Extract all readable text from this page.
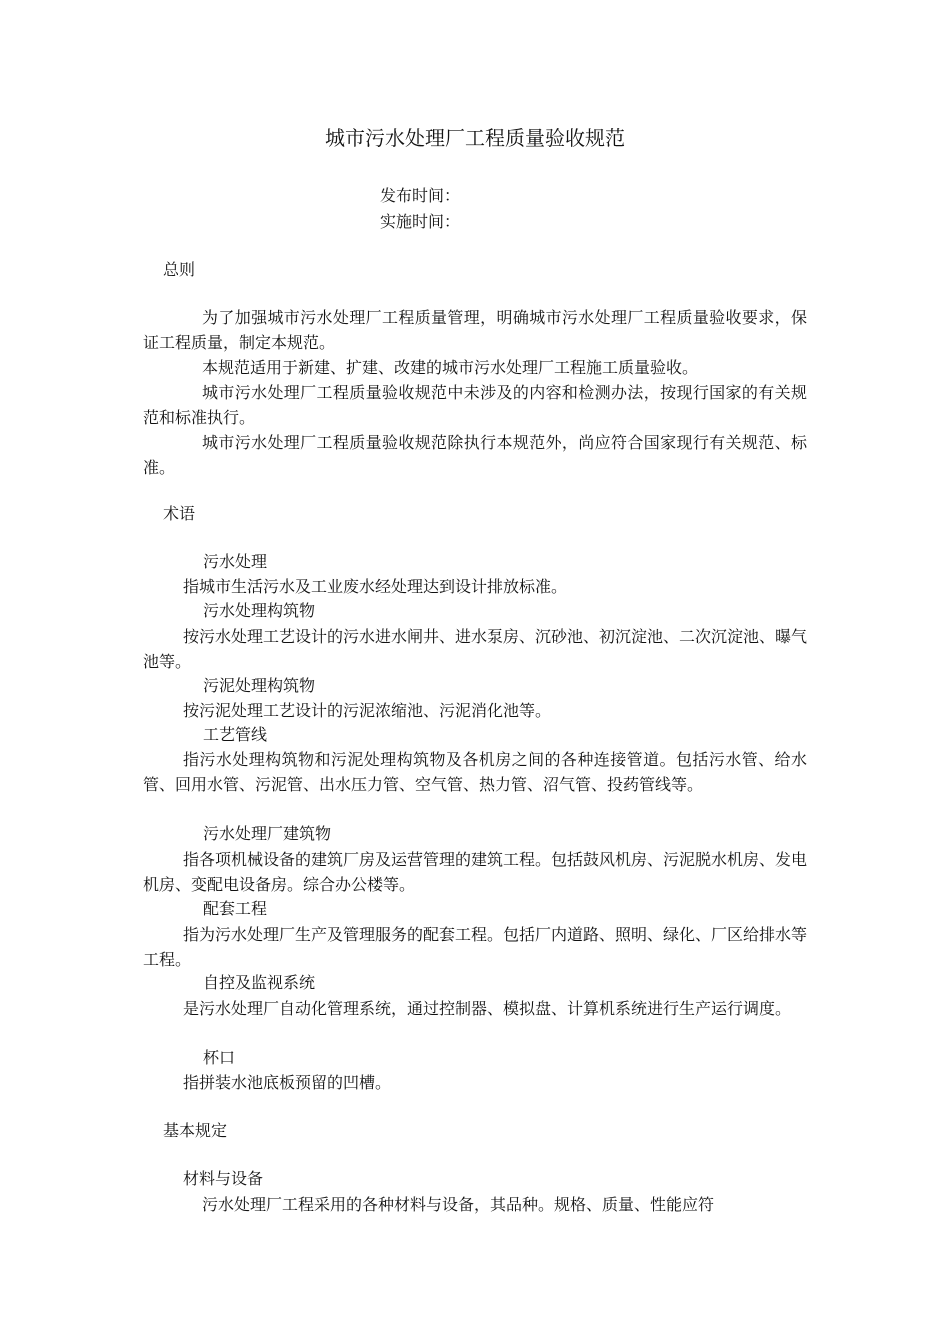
城市污水处理厂工程质量验收规范
发布时间：
实施时间：
总则

为了加强城市污水处理厂工程质量管理，明确城市污水处理厂工程质量验收要求，保证工程质量，制定本规范。

本规范适用于新建、扩建、改建的城市污水处理厂工程施工质量验收。

城市污水处理厂工程质量验收规范中未涉及的内容和检测办法，按现行国家的有关规范和标准执行。

城市污水处理厂工程质量验收规范除执行本规范外，尚应符合国家现行有关规范、标准。

术语
污水处理

指城市生活污水及工业废水经处理达到设计排放标准。

污水处理构筑物

按污水处理工艺设计的污水进水闸井、进水泵房、沉砂池、初沉淀池、二次沉淀池、曝气池等。

污泥处理构筑物

按污泥处理工艺设计的污泥浓缩池、污泥消化池等。

工艺管线

指污水处理构筑物和污泥处理构筑物及各机房之间的各种连接管道。包括污水管、给水管、回用水管、污泥管、出水压力管、空气管、热力管、沼气管、投药管线等。

污水处理厂建筑物

指各项机械设备的建筑厂房及运营管理的建筑工程。包括鼓风机房、污泥脱水机房、发电机房、变配电设备房。综合办公楼等。

配套工程

指为污水处理厂生产及管理服务的配套工程。包括厂内道路、照明、绿化、厂区给排水等工程。

自控及监视系统

是污水处理厂自动化管理系统，通过控制器、模拟盘、计算机系统进行生产运行调度。

杯口

指拼装水池底板预留的凹槽。

基本规定
材料与设备

污水处理厂工程采用的各种材料与设备，其品种。规格、质量、性能应符
